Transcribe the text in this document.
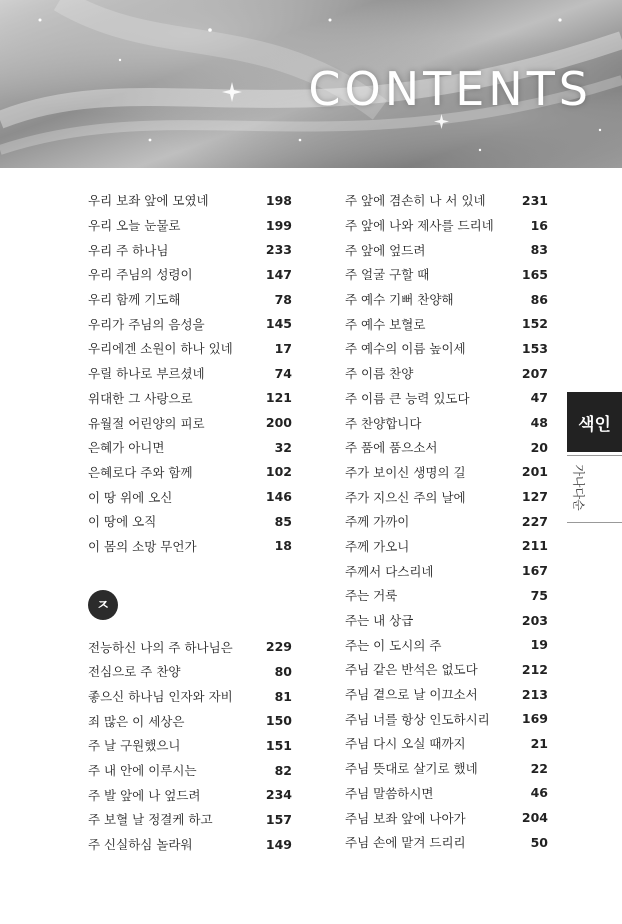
CONTENTS
우리 보좌 앞에 모였네	198
우리 오늘 눈물로	199
우리 주 하나님	233
우리 주님의 성령이	147
우리 함께 기도해	78
우리가 주님의 음성을	145
우리에겐 소원이 하나 있네	17
우릴 하나로 부르셨네	74
위대한 그 사랑으로	121
유월절 어린양의 피로	200
은혜가 아니면	32
은혜로다 주와 함께	102
이 땅 위에 오신	146
이 땅에 오직	85
이 몸의 소망 무언가	18
ㅈ
전능하신 나의 주 하나님은	229
전심으로 주 찬양	80
좋으신 하나님 인자와 자비	81
죄 많은 이 세상은	150
주 날 구원했으니	151
주 내 안에 이루시는	82
주 발 앞에 나 엎드려	234
주 보혈 날 정결케 하고	157
주 신실하심 놀라워	149
주 앞에 겸손히 나 서 있네	231
주 앞에 나와 제사를 드리네	16
주 앞에 엎드려	83
주 얼굴 구할 때	165
주 예수 기뻐 찬양해	86
주 예수 보혈로	152
주 예수의 이름 높이세	153
주 이름 찬양	207
주 이름 큰 능력 있도다	47
주 찬양합니다	48
주 품에 품으소서	20
주가 보이신 생명의 길	201
주가 지으신 주의 날에	127
주께 가까이	227
주께 가오니	211
주께서 다스리네	167
주는 거룩	75
주는 내 상급	203
주는 이 도시의 주	19
주님 같은 반석은 없도다	212
주님 곁으로 날 이끄소서	213
주님 너를 항상 인도하시리	169
주님 다시 오실 때까지	21
주님 뜻대로 살기로 했네	22
주님 말씀하시면	46
주님 보좌 앞에 나아가	204
주님 손에 맡겨 드리리	50
색인
가나다순
